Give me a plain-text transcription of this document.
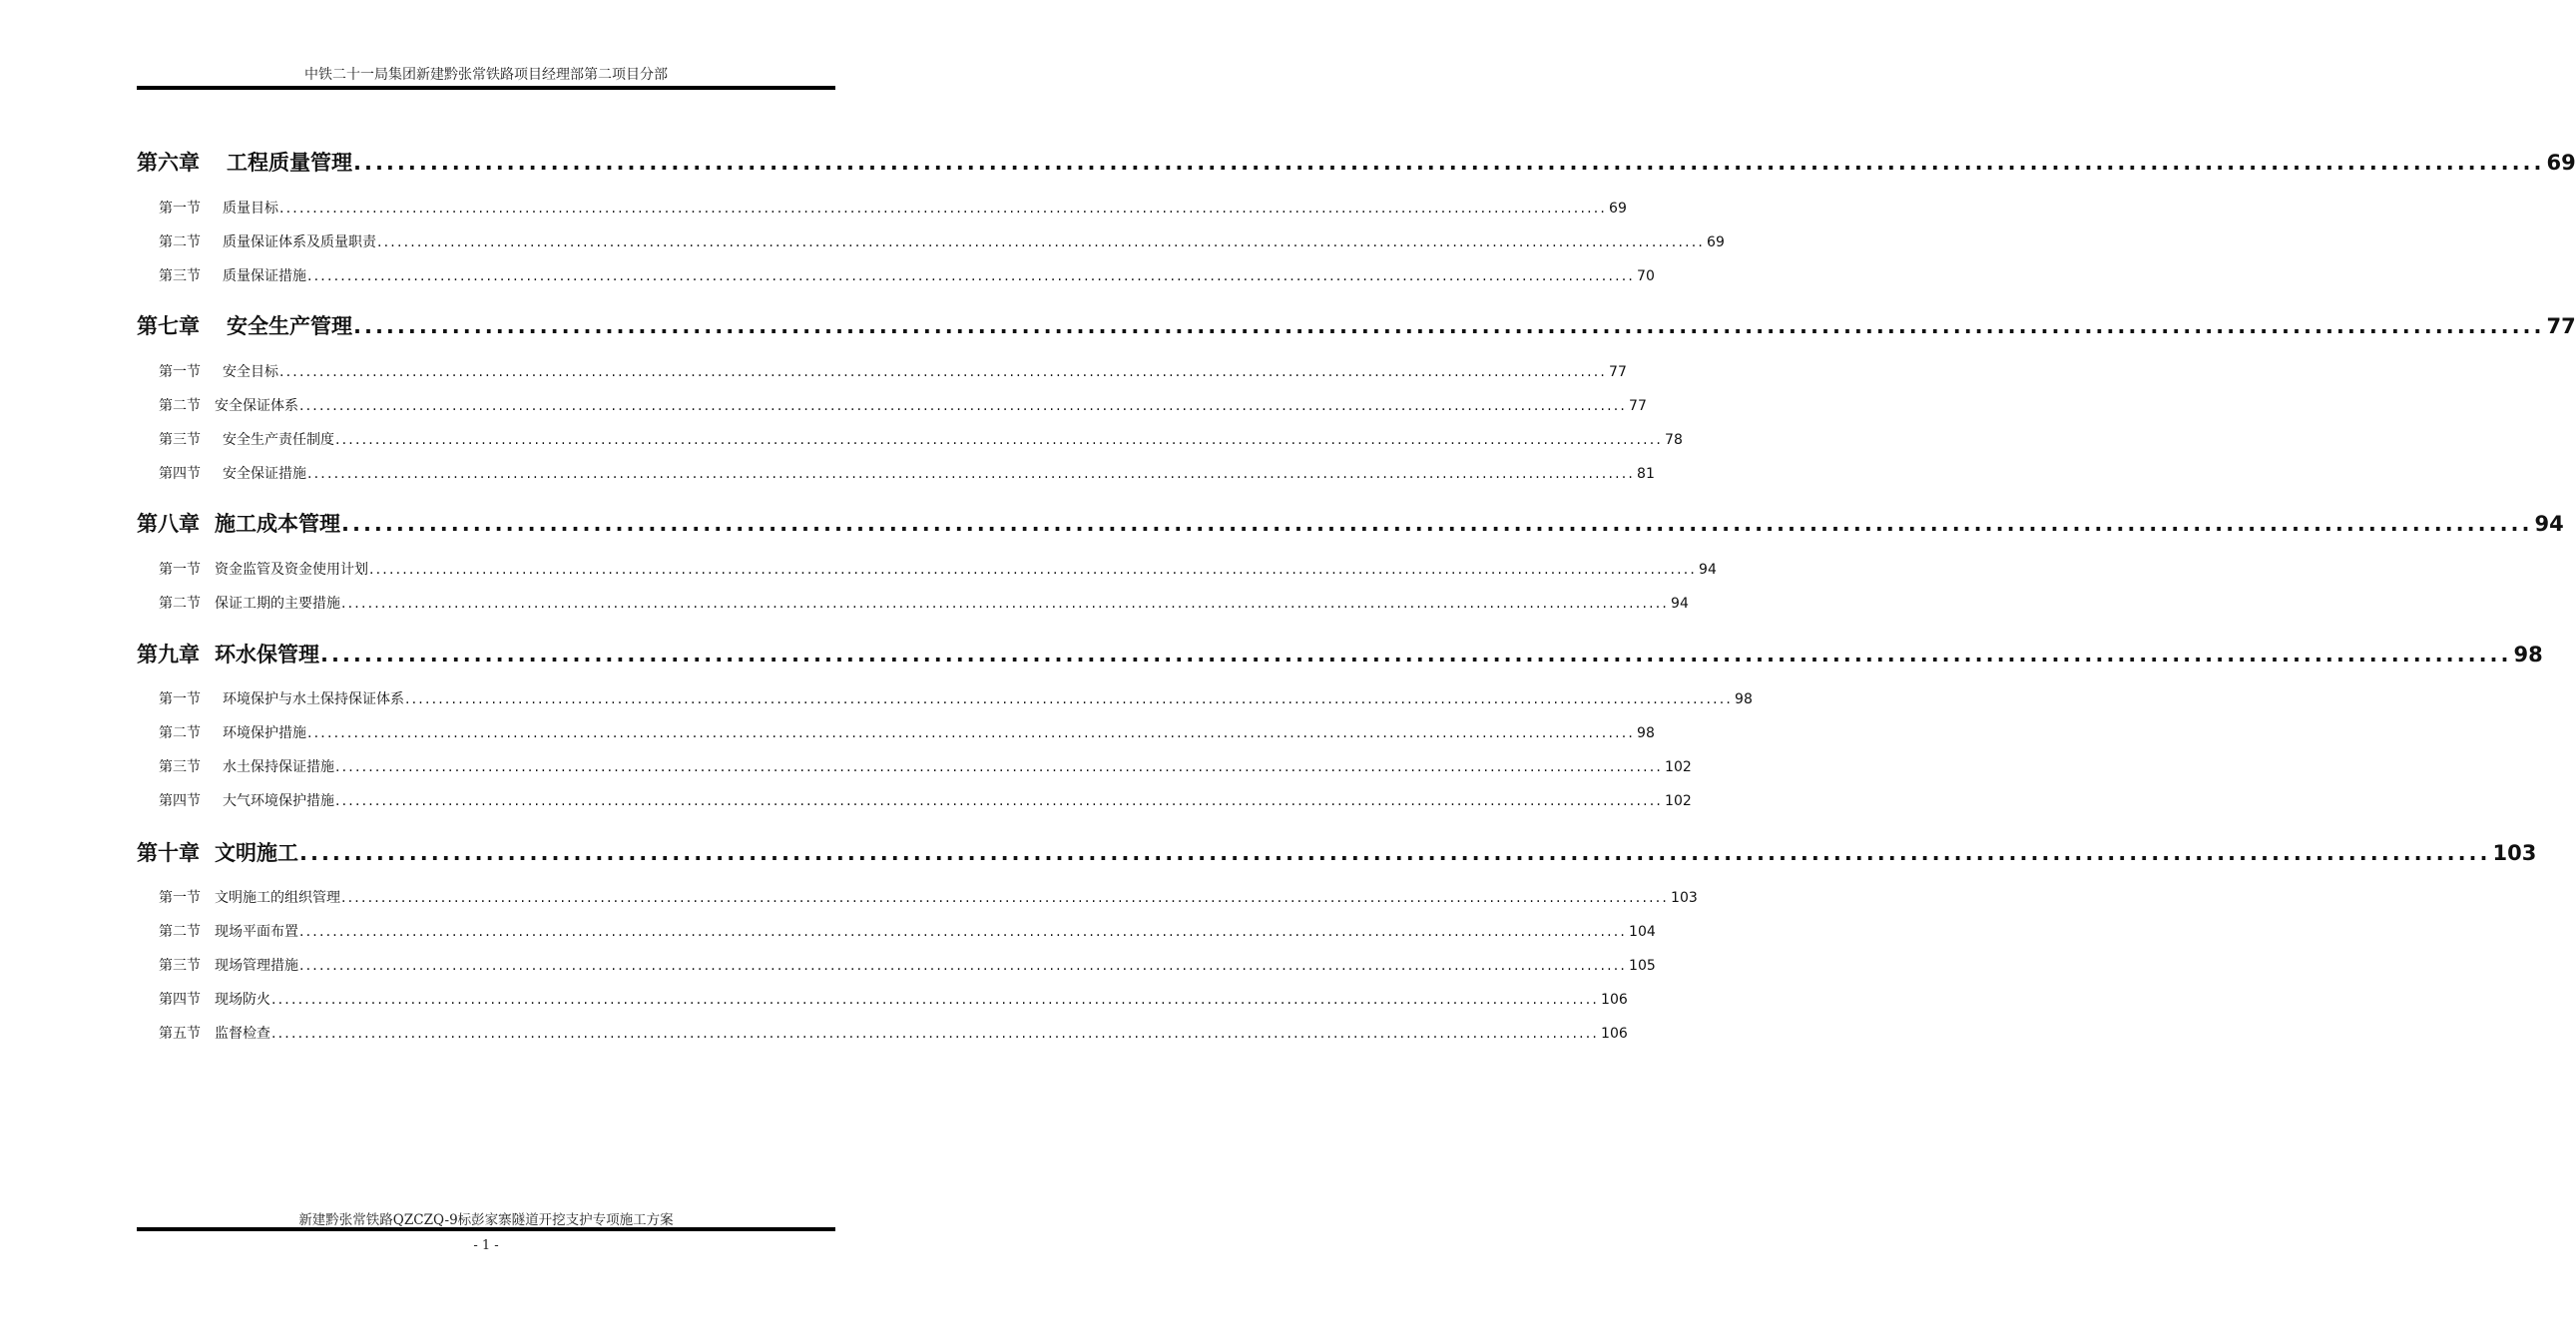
中铁二十一局集团新建黔张常铁路项目经理部第二项目分部
第六章	工程质量管理 ........................................................................................................................................................................................................ 69
第一节	质量目标 ........................................................................................................................................................................................................ 69
第二节	质量保证体系及质量职责 ........................................................................................................................................................................................................ 69
第三节	质量保证措施 ........................................................................................................................................................................................................ 70
第七章	安全生产管理 ........................................................................................................................................................................................................ 77
第一节	安全目标 ........................................................................................................................................................................................................ 77
第二节	安全保证体系 ........................................................................................................................................................................................................ 77
第三节	安全生产责任制度 ........................................................................................................................................................................................................ 78
第四节	安全保证措施 ........................................................................................................................................................................................................ 81
第八章 施工成本管理 ........................................................................................................................................................................................................ 94
第一节	资金监管及资金使用计划 ........................................................................................................................................................................................................ 94
第二节	保证工期的主要措施 ........................................................................................................................................................................................................ 94
第九章 环水保管理 ........................................................................................................................................................................................................ 98
第一节	环境保护与水土保持保证体系 ........................................................................................................................................................................................................ 98
第二节	环境保护措施 ........................................................................................................................................................................................................ 98
第三节	水土保持保证措施 ........................................................................................................................................................................................................ 102
第四节	大气环境保护措施 ........................................................................................................................................................................................................ 102
第十章 文明施工 ........................................................................................................................................................................................................ 103
第一节	文明施工的组织管理 ........................................................................................................................................................................................................ 103
第二节	现场平面布置 ........................................................................................................................................................................................................ 104
第三节	现场管理措施 ........................................................................................................................................................................................................ 105
第四节	现场防火 ........................................................................................................................................................................................................ 106
第五节	监督检查 ........................................................................................................................................................................................................ 106
新建黔张常铁路QZCZQ-9标彭家寨隧道开挖支护专项施工方案
- 1 -
